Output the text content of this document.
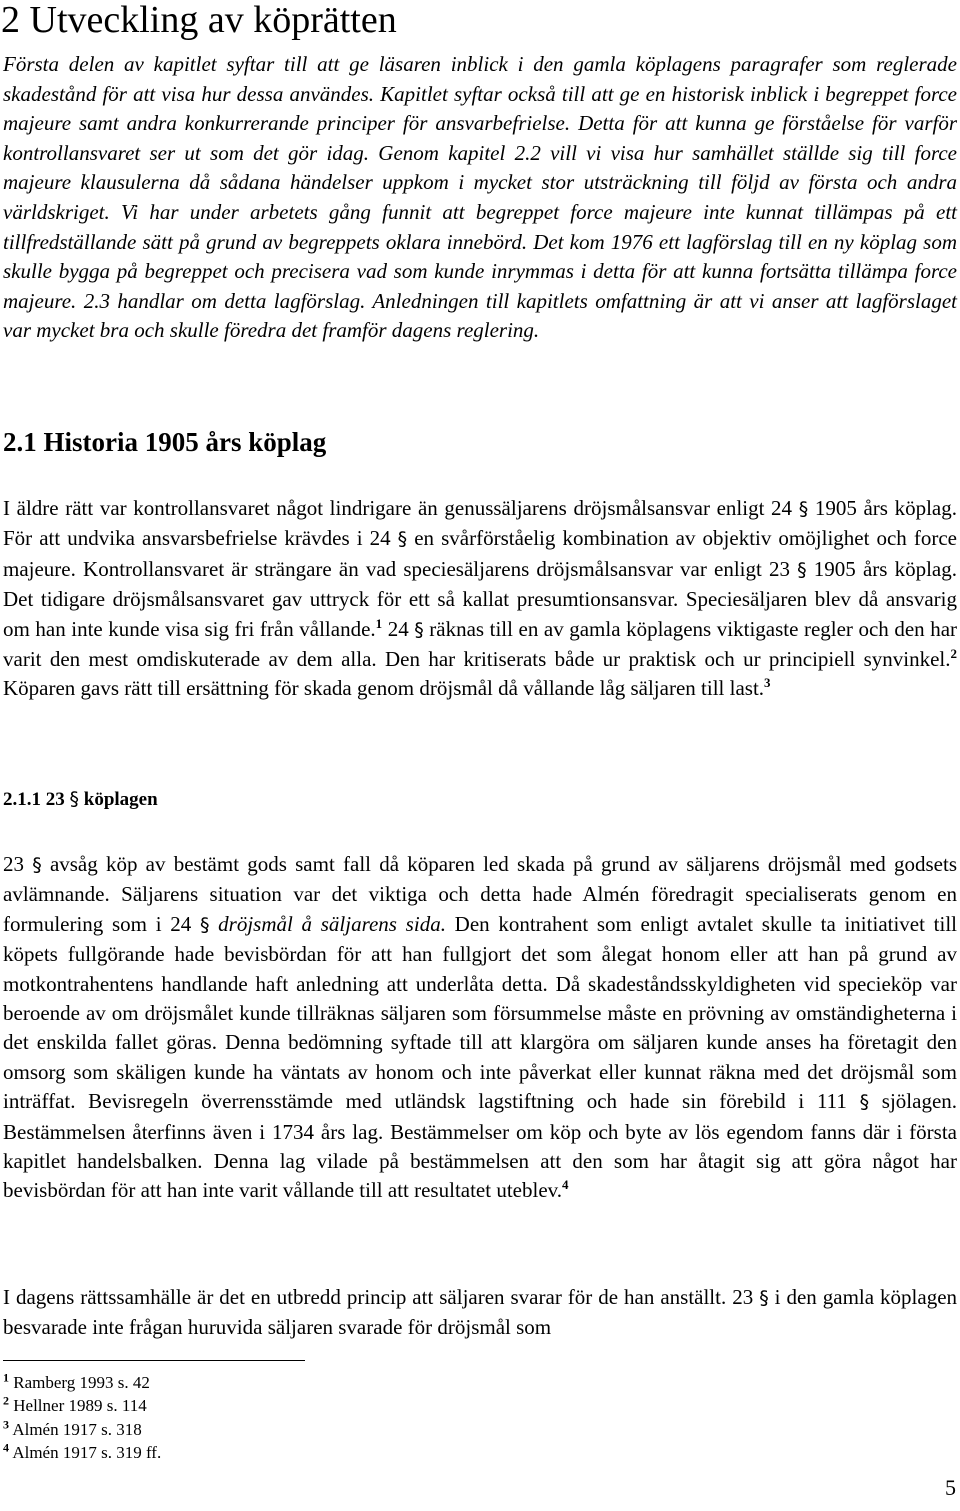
2 Utveckling av köprätten

Första delen av kapitlet syftar till att ge läsaren inblick i den gamla köplagens paragrafer som reglerade skadestånd för att visa hur dessa användes. Kapitlet syftar också till att ge en historisk inblick i begreppet force majeure samt andra konkurrerande principer för ansvarbefrielse. Detta för att kunna ge förståelse för varför kontrollansvaret ser ut som det gör idag. Genom kapitel 2.2 vill vi visa hur samhället ställde sig till force majeure klausulerna då sådana händelser uppkom i mycket stor utsträckning till följd av första och andra världskriget. Vi har under arbetets gång funnit att begreppet force majeure inte kunnat tillämpas på ett tillfredställande sätt på grund av begreppets oklara innebörd. Det kom 1976 ett lagförslag till en ny köplag som skulle bygga på begreppet och precisera vad som kunde inrymmas i detta för att kunna fortsätta tillämpa force majeure. 2.3 handlar om detta lagförslag. Anledningen till kapitlets omfattning är att vi anser att lagförslaget var mycket bra och skulle föredra det framför dagens reglering.

2.1 Historia 1905 års köplag

I äldre rätt var kontrollansvaret något lindrigare än genussäljarens dröjsmålsansvar enligt 24 § 1905 års köplag. För att undvika ansvarsbefrielse krävdes i 24 § en svårförståelig kombination av objektiv omöjlighet och force majeure. Kontrollansvaret är strängare än vad speciesäljarens dröjsmålsansvar var enligt 23 § 1905 års köplag. Det tidigare dröjsmålsansvaret gav uttryck för ett så kallat presumtionsansvar. Speciesäljaren blev då ansvarig om han inte kunde visa sig fri från vållande.$^1$ 24 § räknas till en av gamla köplagens viktigaste regler och den har varit den mest omdiskuterade av dem alla. Den har kritiserats både ur praktisk och ur principiell synvinkel.$^2$ Köparen gavs rätt till ersättning för skada genom dröjsmål då vållande låg säljaren till last.$^3$

2.1.1 23 § köplagen

23 § avsåg köp av bestämt gods samt fall då köparen led skada på grund av säljarens dröjsmål med godsets avlämnande. Säljarens situation var det viktiga och detta hade Almén föredragit specialiserats genom en formulering som i 24 § dröjsmål å säljarens sida. Den kontrahent som enligt avtalet skulle ta initiativet till köpets fullgörande hade bevisbördan för att han fullgjort det som ålegat honom eller att han på grund av motkontrahentens handlande haft anledning att underlåta detta. Då skadeståndsskyldigheten vid specieköp var beroende av om dröjsmålet kunde tillräknas säljaren som försummelse måste en prövning av omständigheterna i det enskilda fallet göras. Denna bedömning syftade till att klargöra om säljaren kunde anses ha företagit den omsorg som skäligen kunde ha väntats av honom och inte påverkat eller kunnat räkna med det dröjsmål som inträffat. Bevisregeln överrensstämde med utländsk lagstiftning och hade sin förebild i 111 § sjölagen. Bestämmelsen återfinns även i 1734 års lag. Bestämmelser om köp och byte av lös egendom fanns där i första kapitlet handelsbalken. Denna lag vilade på bestämmelsen att den som har åtagit sig att göra något har bevisbördan för att han inte varit vållande till att resultatet uteblev.$^4$

I dagens rättssamhälle är det en utbredd princip att säljaren svarar för de han anställt. 23 § i den gamla köplagen besvarade inte frågan huruvida säljaren svarade för dröjsmål som

$^1$ Ramberg 1993 s. 42
$^2$ Hellner 1989 s. 114
$^3$ Almén 1917 s. 318
$^4$ Almén 1917 s. 319 ff.
5
